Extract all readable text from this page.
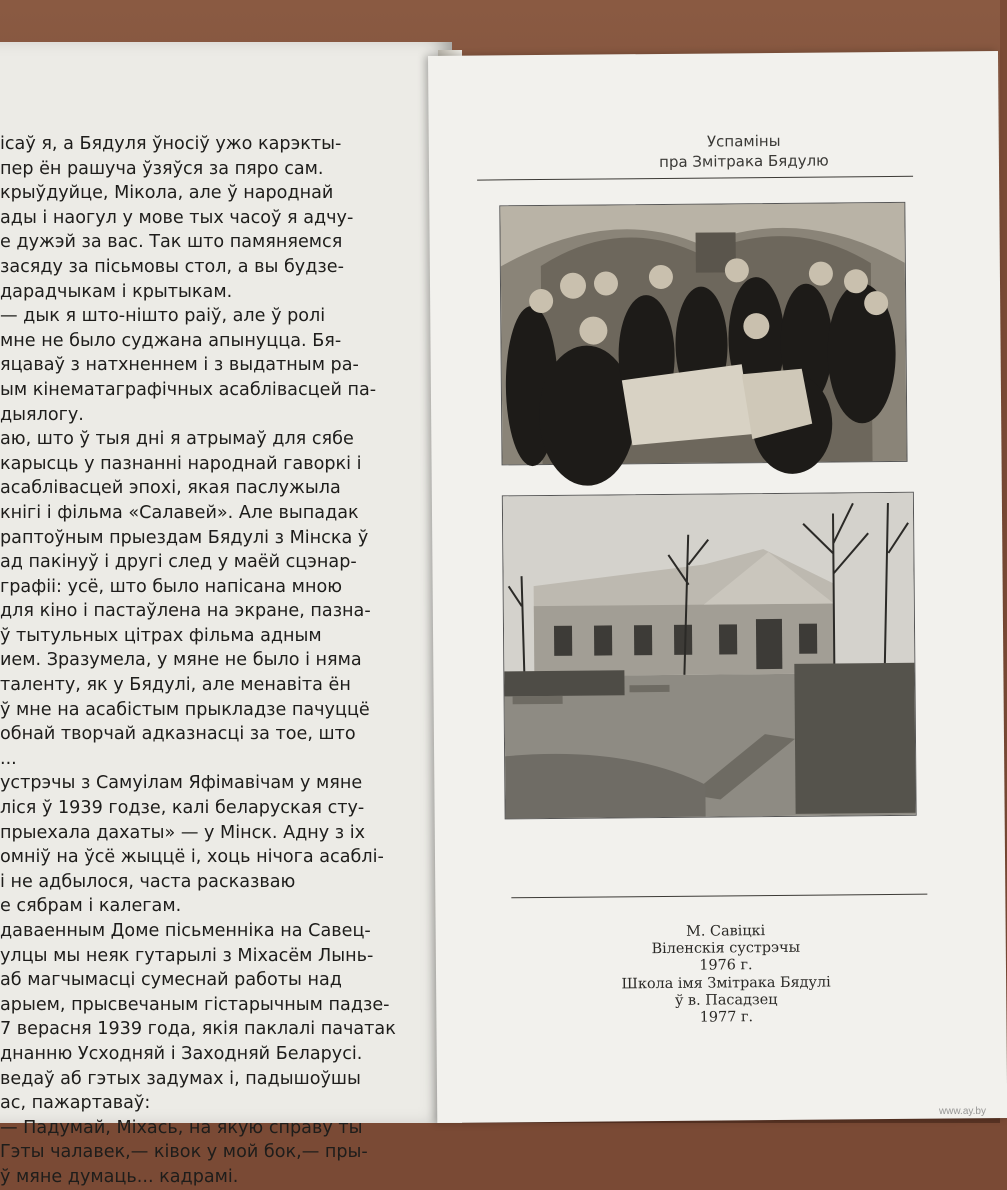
ісаў я, а Бядуля ўносіў ужо карэкты-
пер ён рашуча ўзяўся за пяро сам.
крыўдуйце, Мікола, але ў народнай
ады і наогул у мове тых часоў я адчу-
е дужэй за вас. Так што памяняемся
засяду за пісьмовы стол, а вы будзе-
дарадчыкам і крытыкам.
— дык я што-нішто раіў, але ў ролі
мне не было суджана апынуцца. Бя-
яцаваў з натхненнем і з выдатным ра-
ым кінематаграфічных асаблівасцей па-
дыялогу.
аю, што ў тыя дні я атрымаў для сябе
карысць у пазнанні народнай гаворкі і
асаблівасцей эпохі, якая паслужыла
кнігі і фільма «Салавей». Але выпадак
раптоўным прыездам Бядулі з Мінска ў
ад пакінуў і другі след у маёй сцэнар-
графіі: усё, што было напісана мною
для кіно і пастаўлена на экране, пазна-
ў тытульных цітрах фільма адным
ием. Зразумела, у мяне не было і няма
таленту, як у Бядулі, але менавіта ён
ў мне на асабістым прыкладзе пачуццё
обнай творчай адказнасці за тое, што
...
устрэчы з Самуілам Яфімавічам у мяне
ліся ў 1939 годзе, калі беларуская сту-
прыехала дахаты» — у Мінск. Адну з іх
омніў на ўсё жыццё і, хоць нічога асаблі-
і не адбылося, часта расказваю
е сябрам і калегам.
даваенным Доме пісьменніка на Савец-
улцы мы неяк гутарылі з Міхасём Лынь-
аб магчымасці сумеснай работы над
арыем, прысвечаным гістарычным падзе-
7 верасня 1939 года, якія паклалі пачатак
днанню Усходняй і Заходняй Беларусі.
ведаў аб гэтых задумах і, падышоўшы
ас, пажартаваў:
— Падумай, Міхась, на якую справу ты
Гэты чалавек,— ківок у мой бок,— пры-
ў мяне думаць... кадрамі.
Успаміны
пра Змітрака Бядулю
М. Савіцкі
Віленскія сустрэчы
1976 г.
Школа імя Змітрака Бядулі
ў в. Пасадзец
1977 г.
www.ay.by
